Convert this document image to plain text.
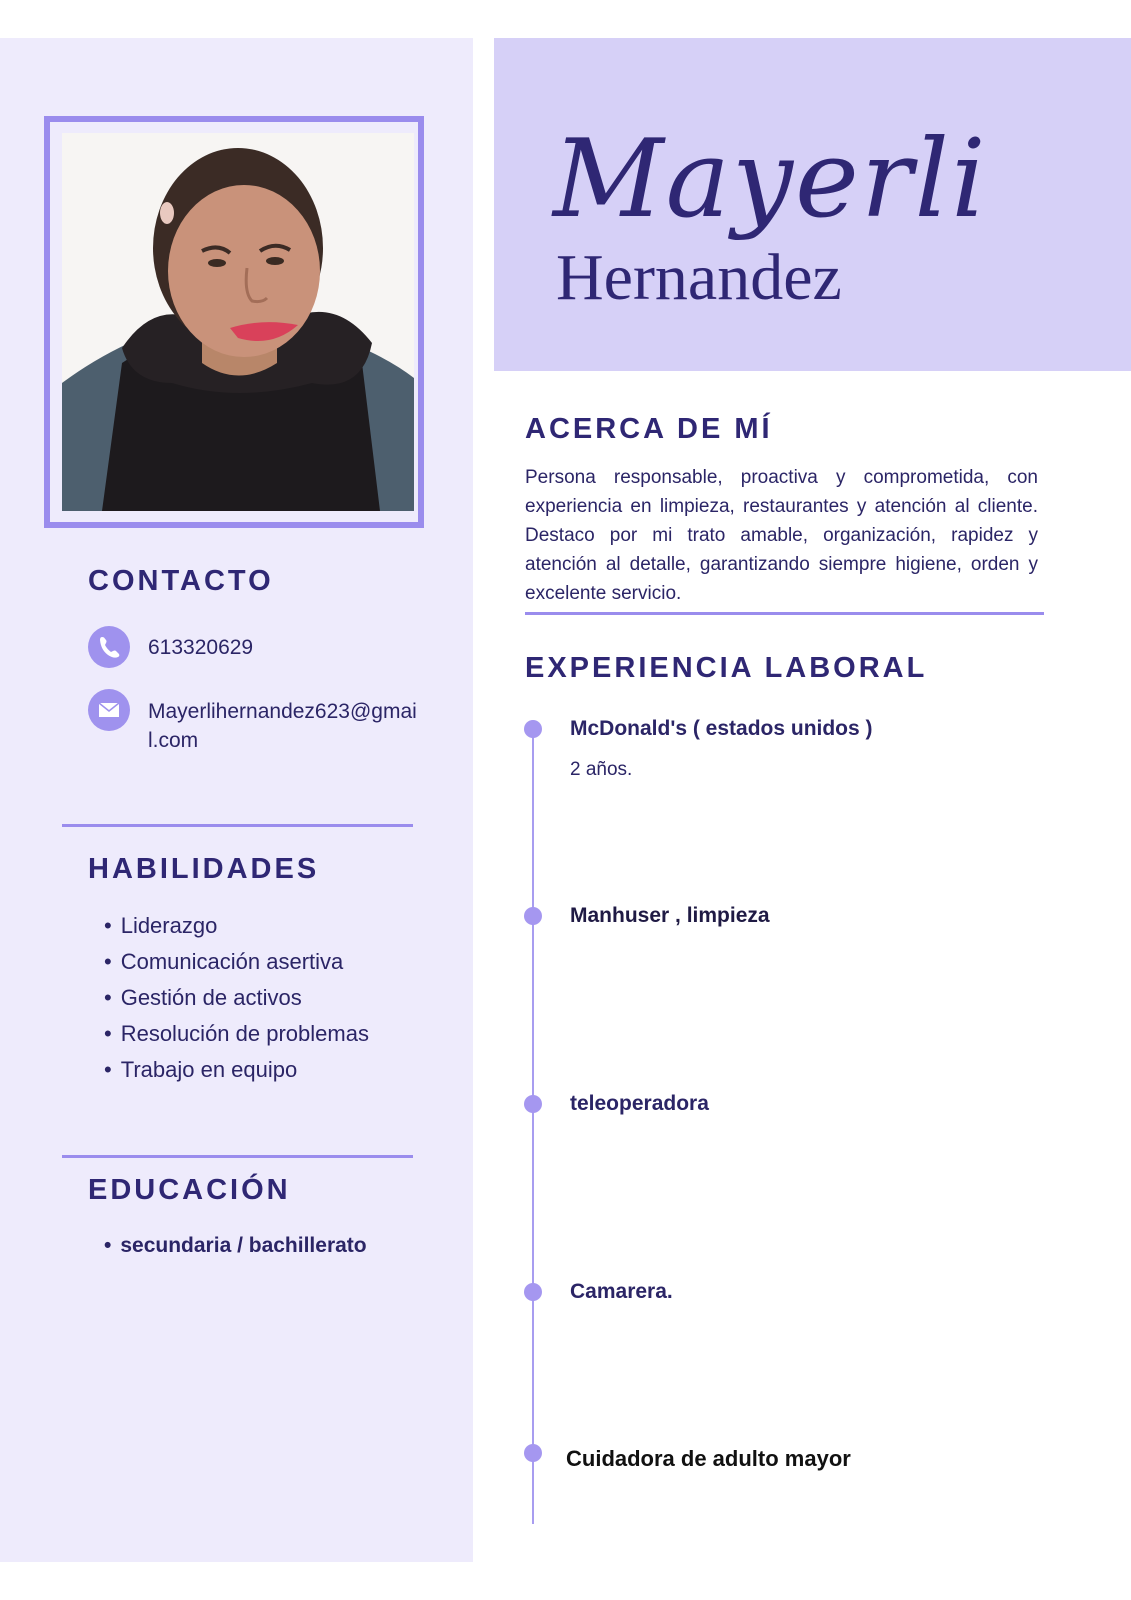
CONTACTO
613320629
Mayerlihernandez623@gmail.com
HABILIDADES
• Liderazgo
• Comunicación asertiva
• Gestión de activos
• Resolución de problemas
• Trabajo en equipo
EDUCACIÓN
• secundaria / bachillerato
Mayerli
Hernandez
ACERCA DE MÍ
Persona responsable, proactiva y comprometida, con experiencia en limpieza, restaurantes y atención al cliente. Destaco por mi trato amable, organización, rapidez y atención al detalle, garantizando siempre higiene, orden y excelente servicio.
EXPERIENCIA LABORAL
McDonald's ( estados unidos )
2 años.
Manhuser , limpieza
teleoperadora
Camarera.
Cuidadora de adulto mayor
